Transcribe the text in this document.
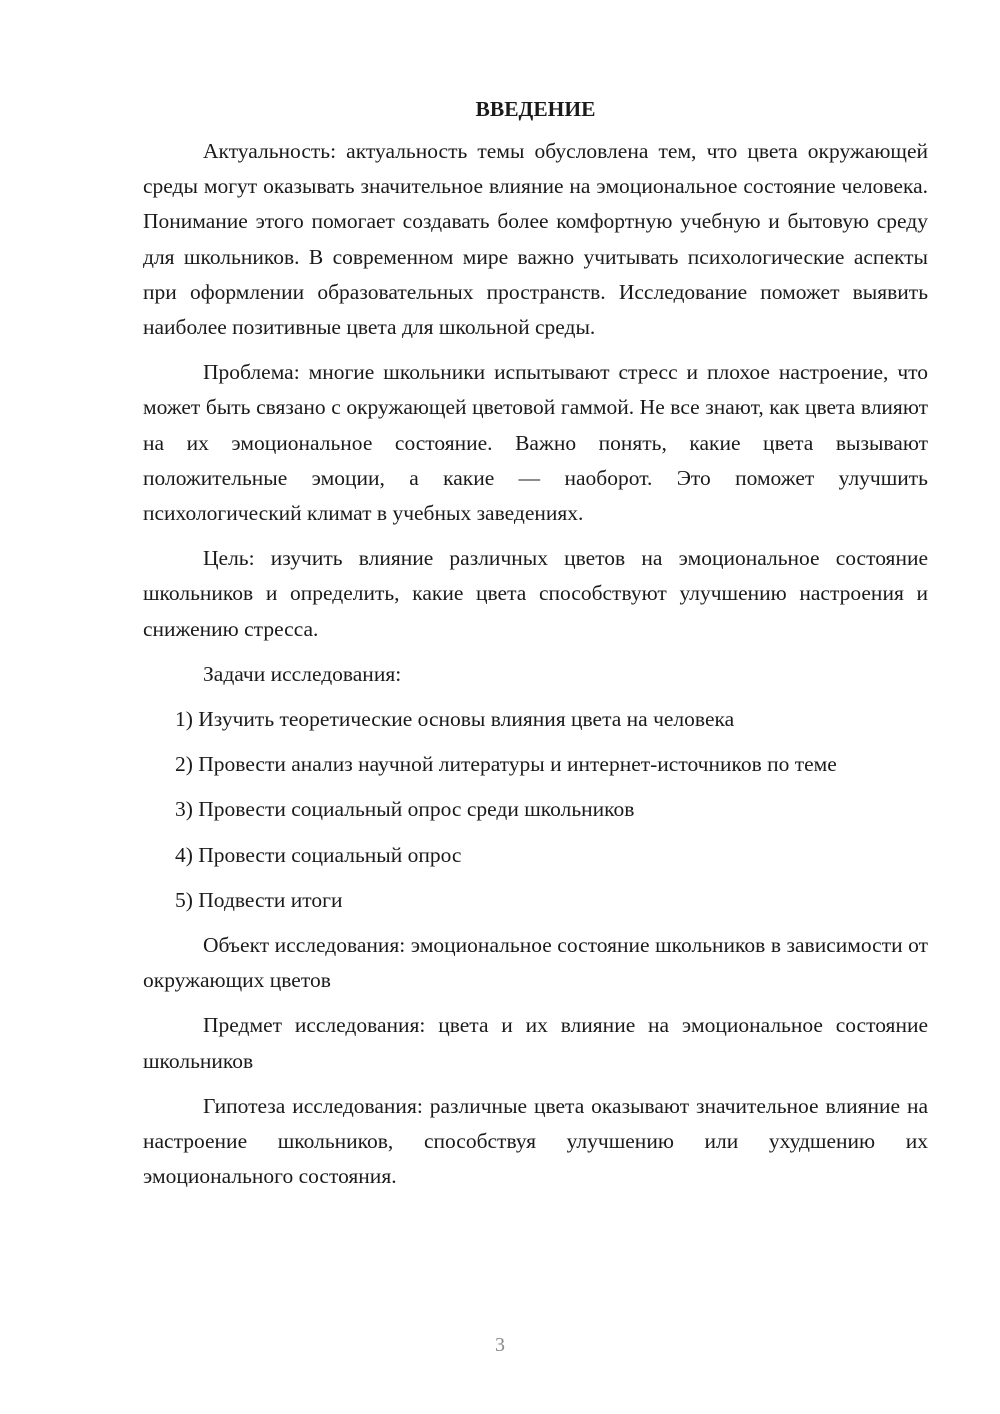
ВВЕДЕНИЕ

Актуальность: актуальность темы обусловлена тем, что цвета окружающей среды могут оказывать значительное влияние на эмоциональное состояние человека. Понимание этого помогает создавать более комфортную учебную и бытовую среду для школьников. В современном мире важно учитывать психологические аспекты при оформлении образовательных пространств. Исследование поможет выявить наиболее позитивные цвета для школьной среды.

Проблема: многие школьники испытывают стресс и плохое настроение, что может быть связано с окружающей цветовой гаммой. Не все знают, как цвета влияют на их эмоциональное состояние. Важно понять, какие цвета вызывают положительные эмоции, а какие — наоборот. Это поможет улучшить психологический климат в учебных заведениях.

Цель: изучить влияние различных цветов на эмоциональное состояние школьников и определить, какие цвета способствуют улучшению настроения и снижению стресса.

Задачи исследования:

1) Изучить теоретические основы влияния цвета на человека

2) Провести анализ научной литературы и интернет-источников по теме

3) Провести социальный опрос среди школьников

4) Провести социальный опрос

5) Подвести итоги

Объект исследования: эмоциональное состояние школьников в зависимости от окружающих цветов

Предмет исследования: цвета и их влияние на эмоциональное состояние школьников

Гипотеза исследования: различные цвета оказывают значительное влияние на настроение школьников, способствуя улучшению или ухудшению их эмоционального состояния.

3
